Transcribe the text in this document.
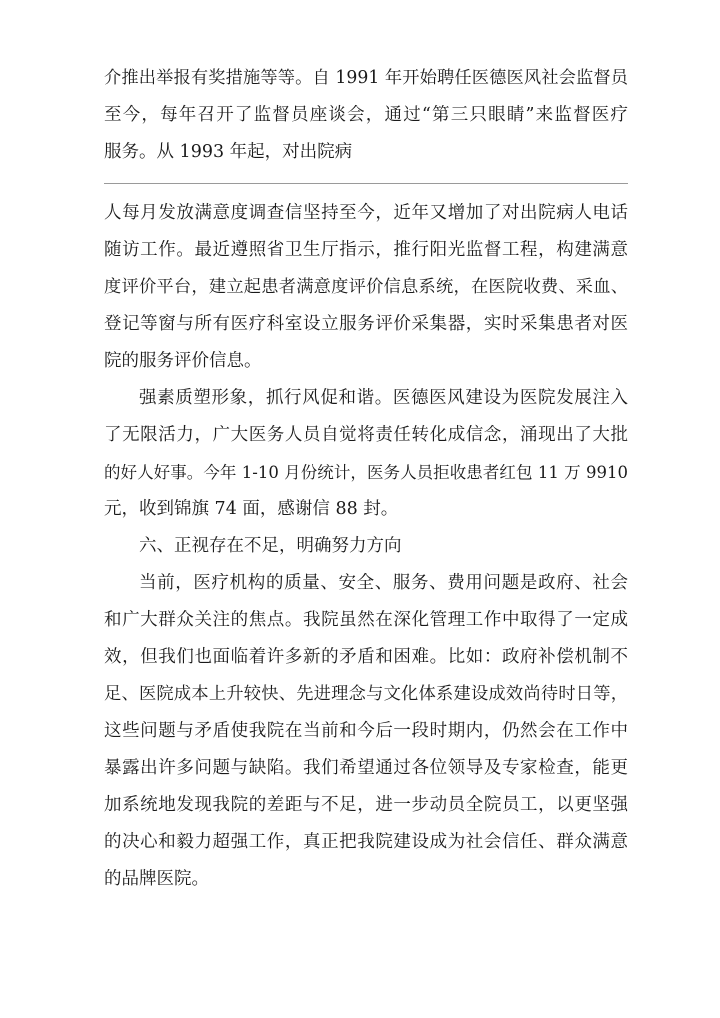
介推出举报有奖措施等等。自 1991 年开始聘任医德医风社会监督员
至今，每年召开了监督员座谈会，通过“第三只眼睛”来监督医疗
服务。从 1993 年起，对出院病
人每月发放满意度调查信坚持至今，近年又增加了对出院病人电话
随访工作。最近遵照省卫生厅指示，推行阳光监督工程，构建满意
度评价平台，建立起患者满意度评价信息系统，在医院收费、采血、
登记等窗与所有医疗科室设立服务评价采集器，实时采集患者对医
院的服务评价信息。
强素质塑形象，抓行风促和谐。医德医风建设为医院发展注入
了无限活力，广大医务人员自觉将责任转化成信念，涌现出了大批
的好人好事。今年 1-10 月份统计，医务人员拒收患者红包 11 万 9910
元，收到锦旗 74 面，感谢信 88 封。
六、正视存在不足，明确努力方向
当前，医疗机构的质量、安全、服务、费用问题是政府、社会
和广大群众关注的焦点。我院虽然在深化管理工作中取得了一定成
效，但我们也面临着许多新的矛盾和困难。比如：政府补偿机制不
足、医院成本上升较快、先进理念与文化体系建设成效尚待时日等，
这些问题与矛盾使我院在当前和今后一段时期内，仍然会在工作中
暴露出许多问题与缺陷。我们希望通过各位领导及专家检查，能更
加系统地发现我院的差距与不足，进一步动员全院员工，以更坚强
的决心和毅力超强工作，真正把我院建设成为社会信任、群众满意
的品牌医院。
